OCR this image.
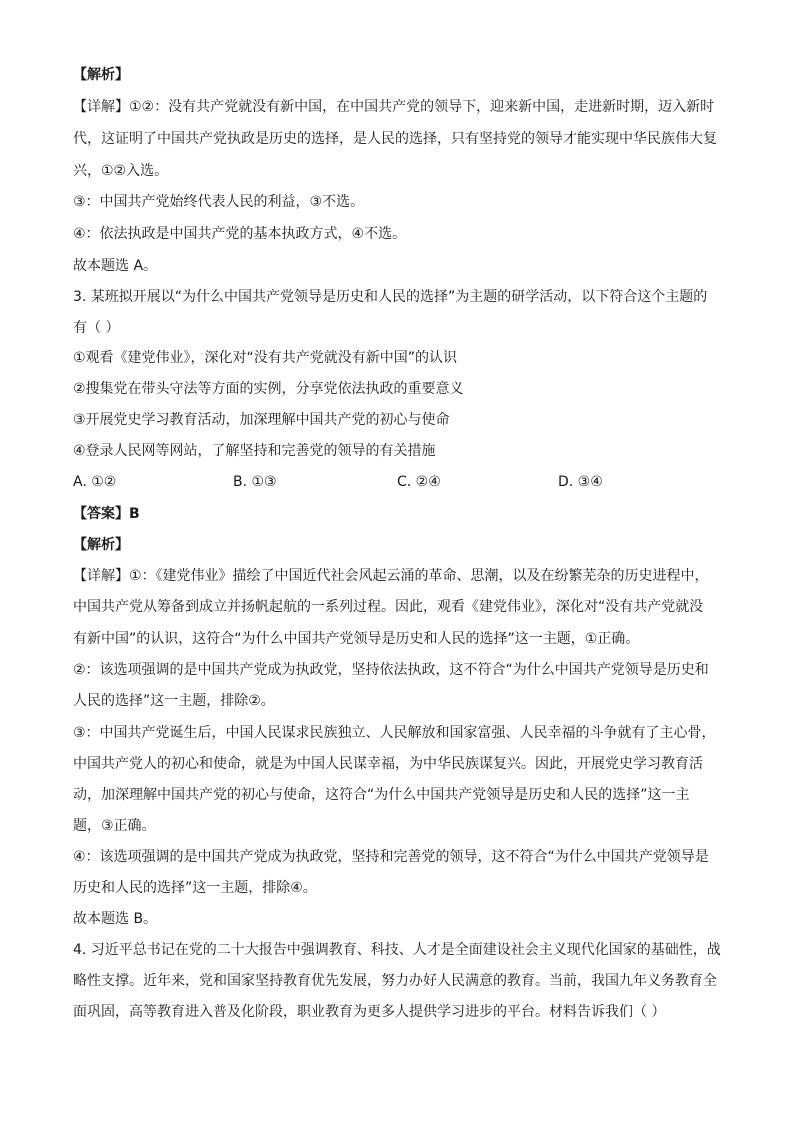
【解析】
【详解】①②：没有共产党就没有新中国，在中国共产党的领导下，迎来新中国，走进新时期，迈入新时
代，这证明了中国共产党执政是历史的选择，是人民的选择，只有坚持党的领导才能实现中华民族伟大复
兴，①②入选。
③：中国共产党始终代表人民的利益，③不选。
④：依法执政是中国共产党的基本执政方式，④不选。
故本题选 A。
3. 某班拟开展以“为什么中国共产党领导是历史和人民的选择”为主题的研学活动，以下符合这个主题的
有（ ）
①观看《建党伟业》，深化对“没有共产党就没有新中国”的认识
②搜集党在带头守法等方面的实例，分享党依法执政的重要意义
③开展党史学习教育活动，加深理解中国共产党的初心与使命
④登录人民网等网站，了解坚持和完善党的领导的有关措施
A. ①②	B. ①③	C. ②④	D. ③④
【答案】B
【解析】
【详解】①：《建党伟业》描绘了中国近代社会风起云涌的革命、思潮，以及在纷繁芜杂的历史进程中，
中国共产党从筹备到成立并扬帆起航的一系列过程。因此，观看《建党伟业》，深化对“没有共产党就没
有新中国”的认识，这符合“为什么中国共产党领导是历史和人民的选择”这一主题，①正确。
②：该选项强调的是中国共产党成为执政党，坚持依法执政，这不符合“为什么中国共产党领导是历史和
人民的选择”这一主题，排除②。
③：中国共产党诞生后，中国人民谋求民族独立、人民解放和国家富强、人民幸福的斗争就有了主心骨，
中国共产党人的初心和使命，就是为中国人民谋幸福，为中华民族谋复兴。因此，开展党史学习教育活
动，加深理解中国共产党的初心与使命，这符合“为什么中国共产党领导是历史和人民的选择”这一主
题，③正确。
④：该选项强调的是中国共产党成为执政党，坚持和完善党的领导，这不符合“为什么中国共产党领导是
历史和人民的选择”这一主题，排除④。
故本题选 B。
4. 习近平总书记在党的二十大报告中强调教育、科技、人才是全面建设社会主义现代化国家的基础性，战
略性支撑。近年来，党和国家坚持教育优先发展，努力办好人民满意的教育。当前，我国九年义务教育全
面巩固，高等教育进入普及化阶段，职业教育为更多人提供学习进步的平台。材料告诉我们（ ）
